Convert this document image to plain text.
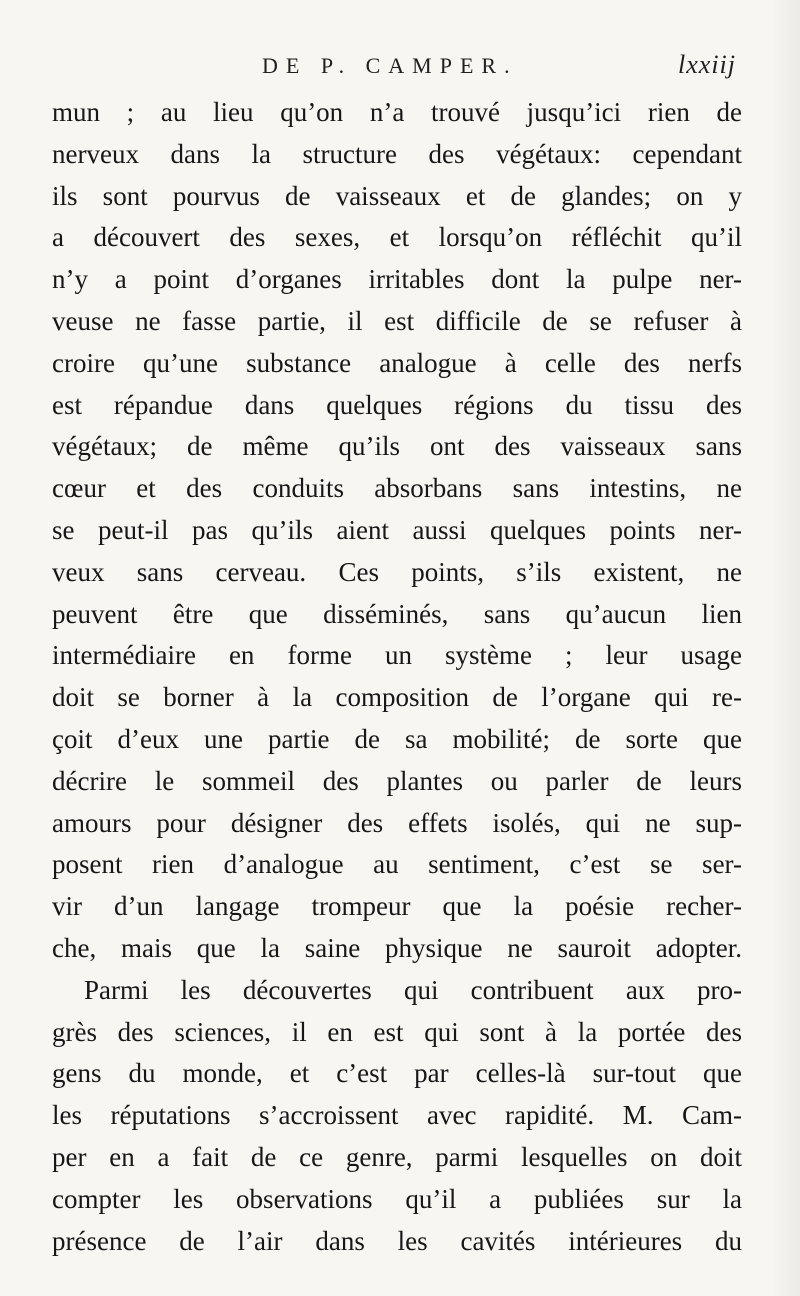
DE P. CAMPER.	lxxiij
mun ; au lieu qu’on n’a trouvé jusqu’ici rien de
nerveux dans la structure des végétaux: cependant
ils sont pourvus de vaisseaux et de glandes; on y
a découvert des sexes, et lorsqu’on réfléchit qu’il
n’y a point d’organes irritables dont la pulpe ner-
veuse ne fasse partie, il est difficile de se refuser à
croire qu’une substance analogue à celle des nerfs
est répandue dans quelques régions du tissu des
végétaux; de même qu’ils ont des vaisseaux sans
cœur et des conduits absorbans sans intestins, ne
se peut-il pas qu’ils aient aussi quelques points ner-
veux sans cerveau. Ces points, s’ils existent, ne
peuvent être que disséminés, sans qu’aucun lien
intermédiaire en forme un système ; leur usage
doit se borner à la composition de l’organe qui re-
çoit d’eux une partie de sa mobilité; de sorte que
décrire le sommeil des plantes ou parler de leurs
amours pour désigner des effets isolés, qui ne sup-
posent rien d’analogue au sentiment, c’est se ser-
vir d’un langage trompeur que la poésie recher-
che, mais que la saine physique ne sauroit adopter.
Parmi les découvertes qui contribuent aux pro-
grès des sciences, il en est qui sont à la portée des
gens du monde, et c’est par celles-là sur-tout que
les réputations s’accroissent avec rapidité. M. Cam-
per en a fait de ce genre, parmi lesquelles on doit
compter les observations qu’il a publiées sur la
présence de l’air dans les cavités intérieures du
